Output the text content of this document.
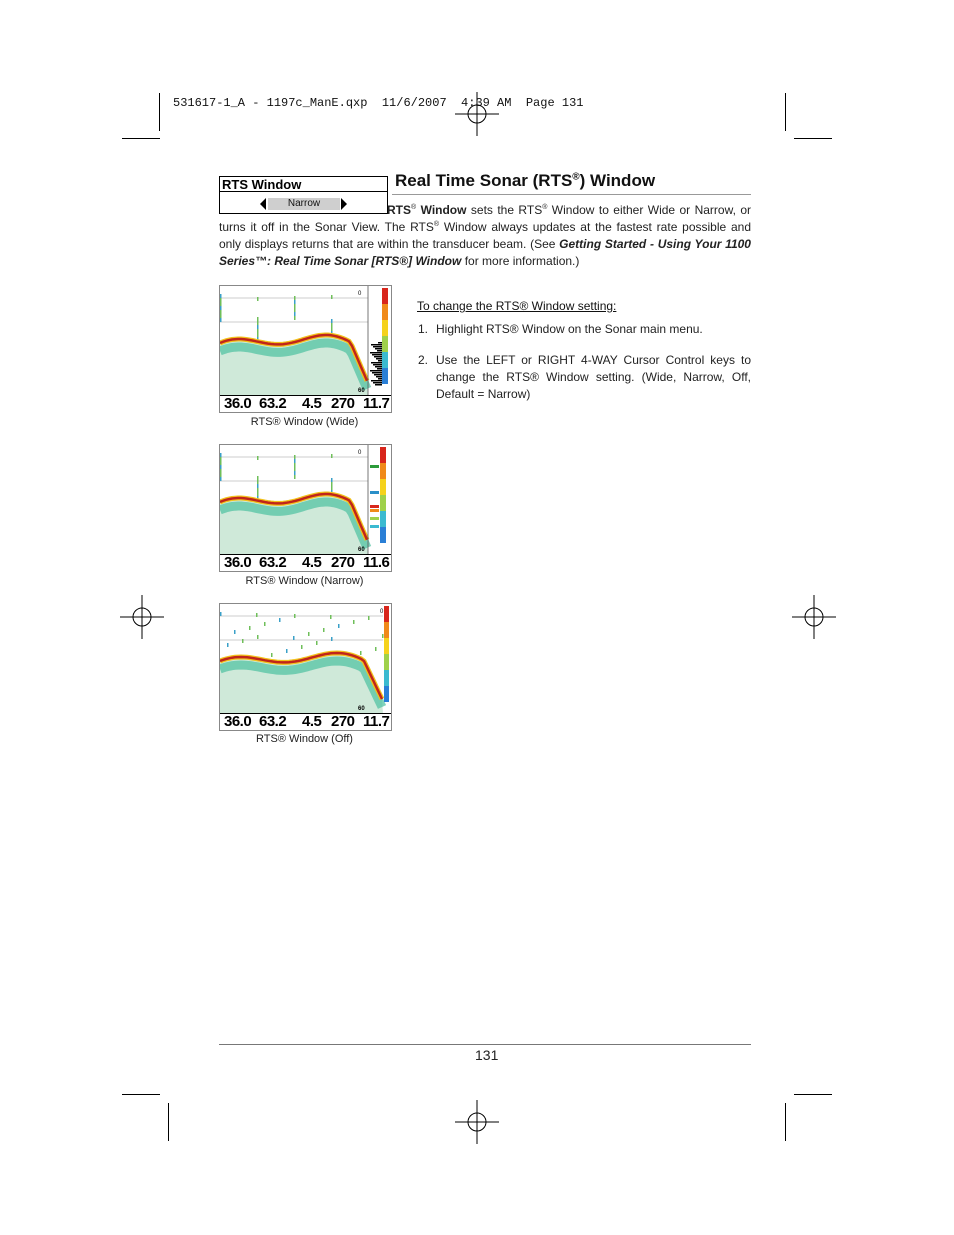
531617-1_A - 1197c_ManE.qxp  11/6/2007  4:39 AM  Page 131
RTS Window
Narrow
Real Time Sonar (RTS®) Window
RTS® Window sets the RTS® Window to either Wide or Narrow, or turns it off in the Sonar View. The RTS® Window always updates at the fastest rate possible and only displays returns that are within the transducer beam. (See Getting Started - Using Your 1100 Series™: Real Time Sonar [RTS®] Window for more information.)
To change the RTS® Window setting:
1. Highlight RTS® Window on the Sonar main menu.
2. Use the LEFT or RIGHT 4-WAY Cursor Control keys to change the RTS® Window setting. (Wide, Narrow, Off, Default = Narrow)
0
60
36.0 63.2 4.5 270 11.7
RTS® Window (Wide)
0
60
36.0 63.2 4.5 270 11.6
RTS® Window (Narrow)
0
60
36.0 63.2 4.5 270 11.7
RTS® Window (Off)
131
